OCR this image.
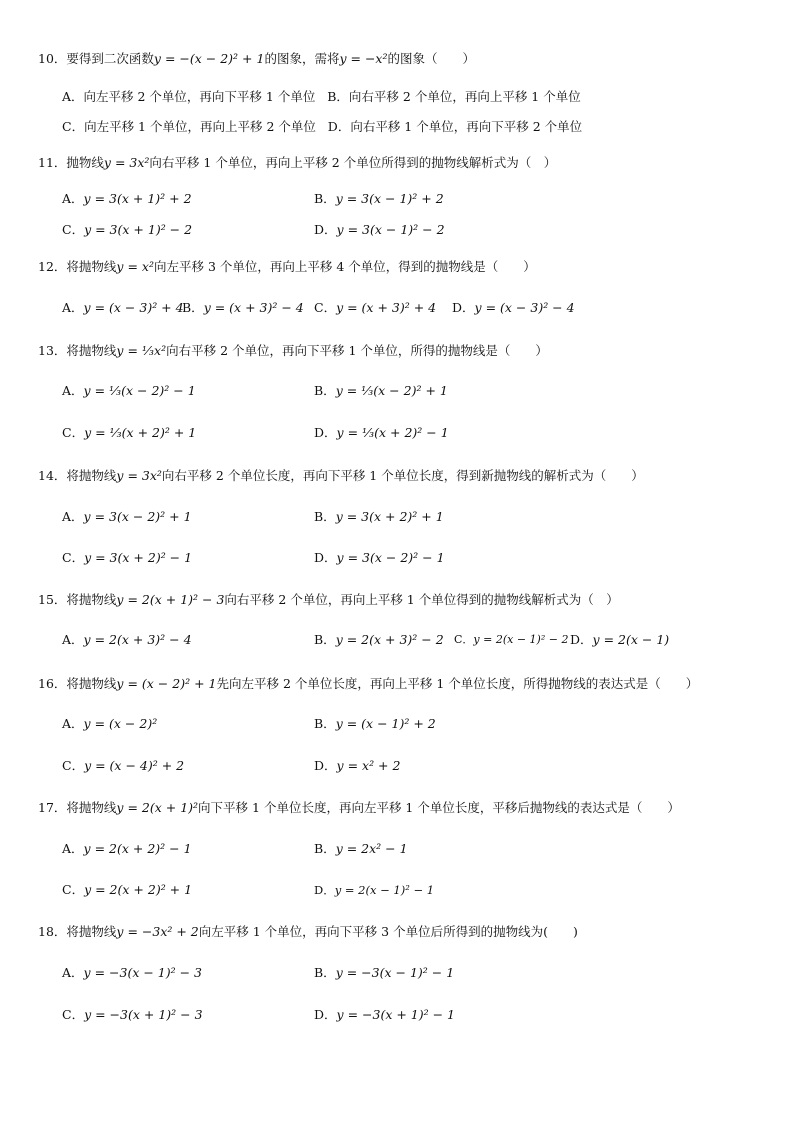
10．要得到二次函数y = −(x − 2)² + 1的图象，需将y = −x²的图象（　　）
A．向左平移 2 个单位，再向下平移 1 个单位 B．向右平移 2 个单位，再向上平移 1 个单位
C．向左平移 1 个单位，再向上平移 2 个单位 D．向右平移 1 个单位，再向下平移 2 个单位
11．抛物线y = 3x²向右平移 1 个单位，再向上平移 2 个单位所得到的抛物线解析式为（　）
A．y = 3(x + 1)² + 2	B．y = 3(x − 1)² + 2
C．y = 3(x + 1)² − 2	D．y = 3(x − 1)² − 2
12．将抛物线y = x²向左平移 3 个单位，再向上平移 4 个单位，得到的抛物线是（　　）
A．y = (x − 3)² + 4
B．y = (x + 3)² − 4 C．y = (x + 3)² + 4 D．y = (x − 3)² − 4
13．将抛物线y = ⅓x²向右平移 2 个单位，再向下平移 1 个单位，所得的抛物线是（　　）
A．y = ⅓(x − 2)² − 1	B．y = ⅓(x − 2)² + 1
C．y = ⅓(x + 2)² + 1	D．y = ⅓(x + 2)² − 1
14．将抛物线y = 3x²向右平移 2 个单位长度，再向下平移 1 个单位长度，得到新抛物线的解析式为（　　）
A．y = 3(x − 2)² + 1	B．y = 3(x + 2)² + 1
C．y = 3(x + 2)² − 1	D．y = 3(x − 2)² − 1
15．将抛物线y = 2(x + 1)² − 3向右平移 2 个单位，再向上平移 1 个单位得到的抛物线解析式为（　）
A．y = 2(x + 3)² − 4	B．y = 2(x + 3)² − 2 C．y = 2(x − 1)² − 2 D．y = 2(x − 1)
16．将抛物线y = (x − 2)² + 1先向左平移 2 个单位长度，再向上平移 1 个单位长度，所得抛物线的表达式是（　　）
A．y = (x − 2)²	B．y = (x − 1)² + 2
C．y = (x − 4)² + 2	D．y = x² + 2
17．将抛物线y = 2(x + 1)²向下平移 1 个单位长度，再向左平移 1 个单位长度，平移后抛物线的表达式是（　　）
A．y = 2(x + 2)² − 1	B．y = 2x² − 1
C．y = 2(x + 2)² + 1	D．y = 2(x − 1)² − 1
18．将抛物线y = −3x² + 2向左平移 1 个单位，再向下平移 3 个单位后所得到的抛物线为(　　)
A．y = −3(x − 1)² − 3	B．y = −3(x − 1)² − 1
C．y = −3(x + 1)² − 3	D．y = −3(x + 1)² − 1
